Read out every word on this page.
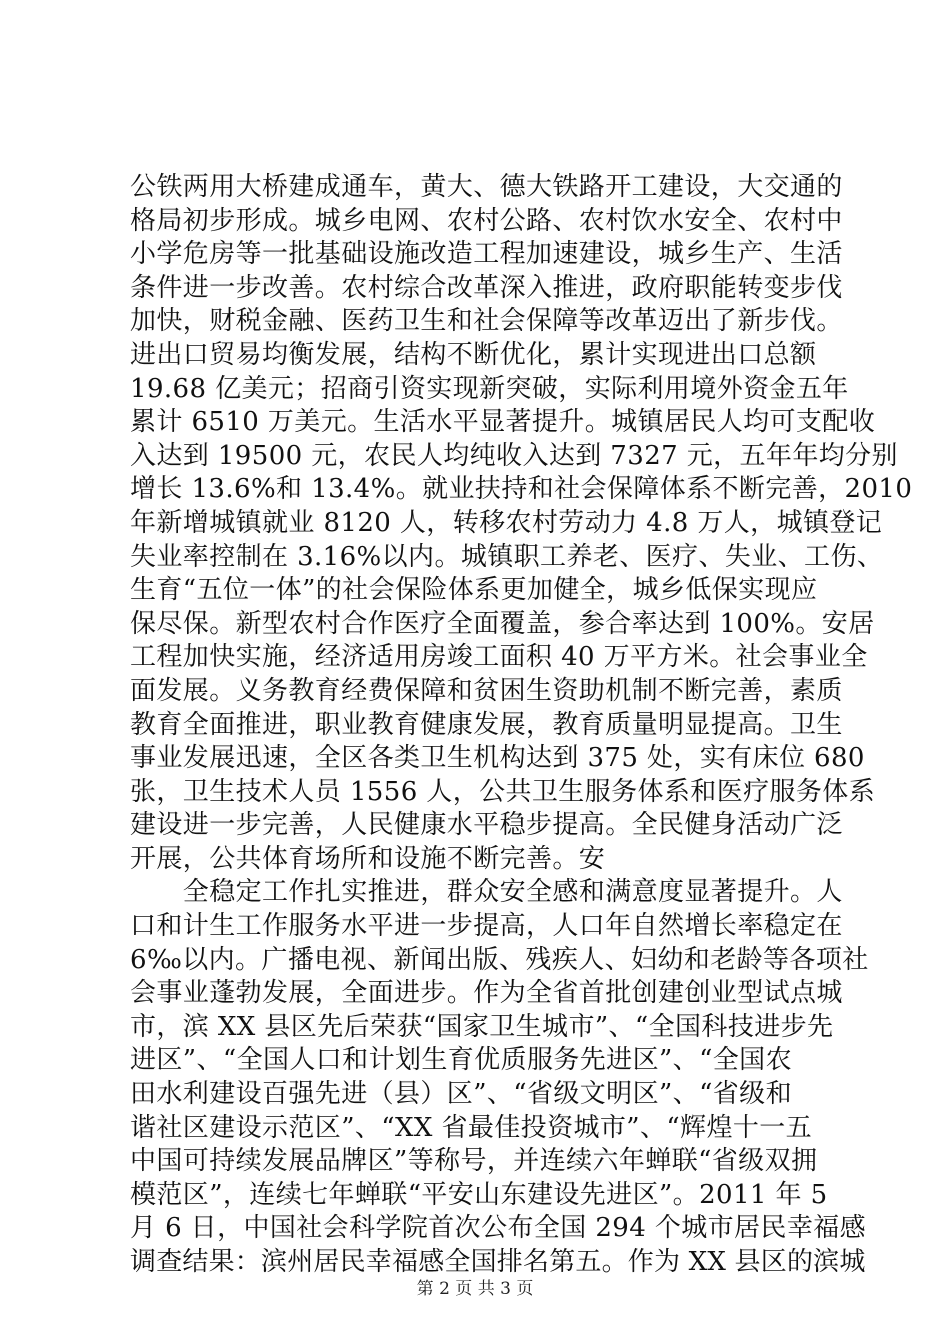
公铁两用大桥建成通车，黄大、德大铁路开工建设，大交通的
格局初步形成。城乡电网、农村公路、农村饮水安全、农村中
小学危房等一批基础设施改造工程加速建设，城乡生产、生活
条件进一步改善。农村综合改革深入推进，政府职能转变步伐
加快，财税金融、医药卫生和社会保障等改革迈出了新步伐。
进出口贸易均衡发展，结构不断优化，累计实现进出口总额
19.68 亿美元；招商引资实现新突破，实际利用境外资金五年
累计 6510 万美元。生活水平显著提升。城镇居民人均可支配收
入达到 19500 元，农民人均纯收入达到 7327 元，五年年均分别
增长 13.6%和 13.4%。就业扶持和社会保障体系不断完善，2010
年新增城镇就业 8120 人，转移农村劳动力 4.8 万人，城镇登记
失业率控制在 3.16%以内。城镇职工养老、医疗、失业、工伤、
生育“五位一体”的社会保险体系更加健全，城乡低保实现应
保尽保。新型农村合作医疗全面覆盖，参合率达到 100%。安居
工程加快实施，经济适用房竣工面积 40 万平方米。社会事业全
面发展。义务教育经费保障和贫困生资助机制不断完善，素质
教育全面推进，职业教育健康发展，教育质量明显提高。卫生
事业发展迅速，全区各类卫生机构达到 375 处，实有床位 680
张，卫生技术人员 1556 人，公共卫生服务体系和医疗服务体系
建设进一步完善，人民健康水平稳步提高。全民健身活动广泛
开展，公共体育场所和设施不断完善。安
　　全稳定工作扎实推进，群众安全感和满意度显著提升。人
口和计生工作服务水平进一步提高，人口年自然增长率稳定在
6‰以内。广播电视、新闻出版、残疾人、妇幼和老龄等各项社
会事业蓬勃发展，全面进步。作为全省首批创建创业型试点城
市，滨 XX 县区先后荣获“国家卫生城市”、“全国科技进步先
进区”、“全国人口和计划生育优质服务先进区”、“全国农
田水利建设百强先进（县）区”、“省级文明区”、“省级和
谐社区建设示范区”、“XX 省最佳投资城市”、“辉煌十一五
中国可持续发展品牌区”等称号，并连续六年蝉联“省级双拥
模范区”，连续七年蝉联“平安山东建设先进区”。2011 年 5
月 6 日，中国社会科学院首次公布全国 294 个城市居民幸福感
调查结果：滨州居民幸福感全国排名第五。作为 XX 县区的滨城
第 2 页 共 3 页
